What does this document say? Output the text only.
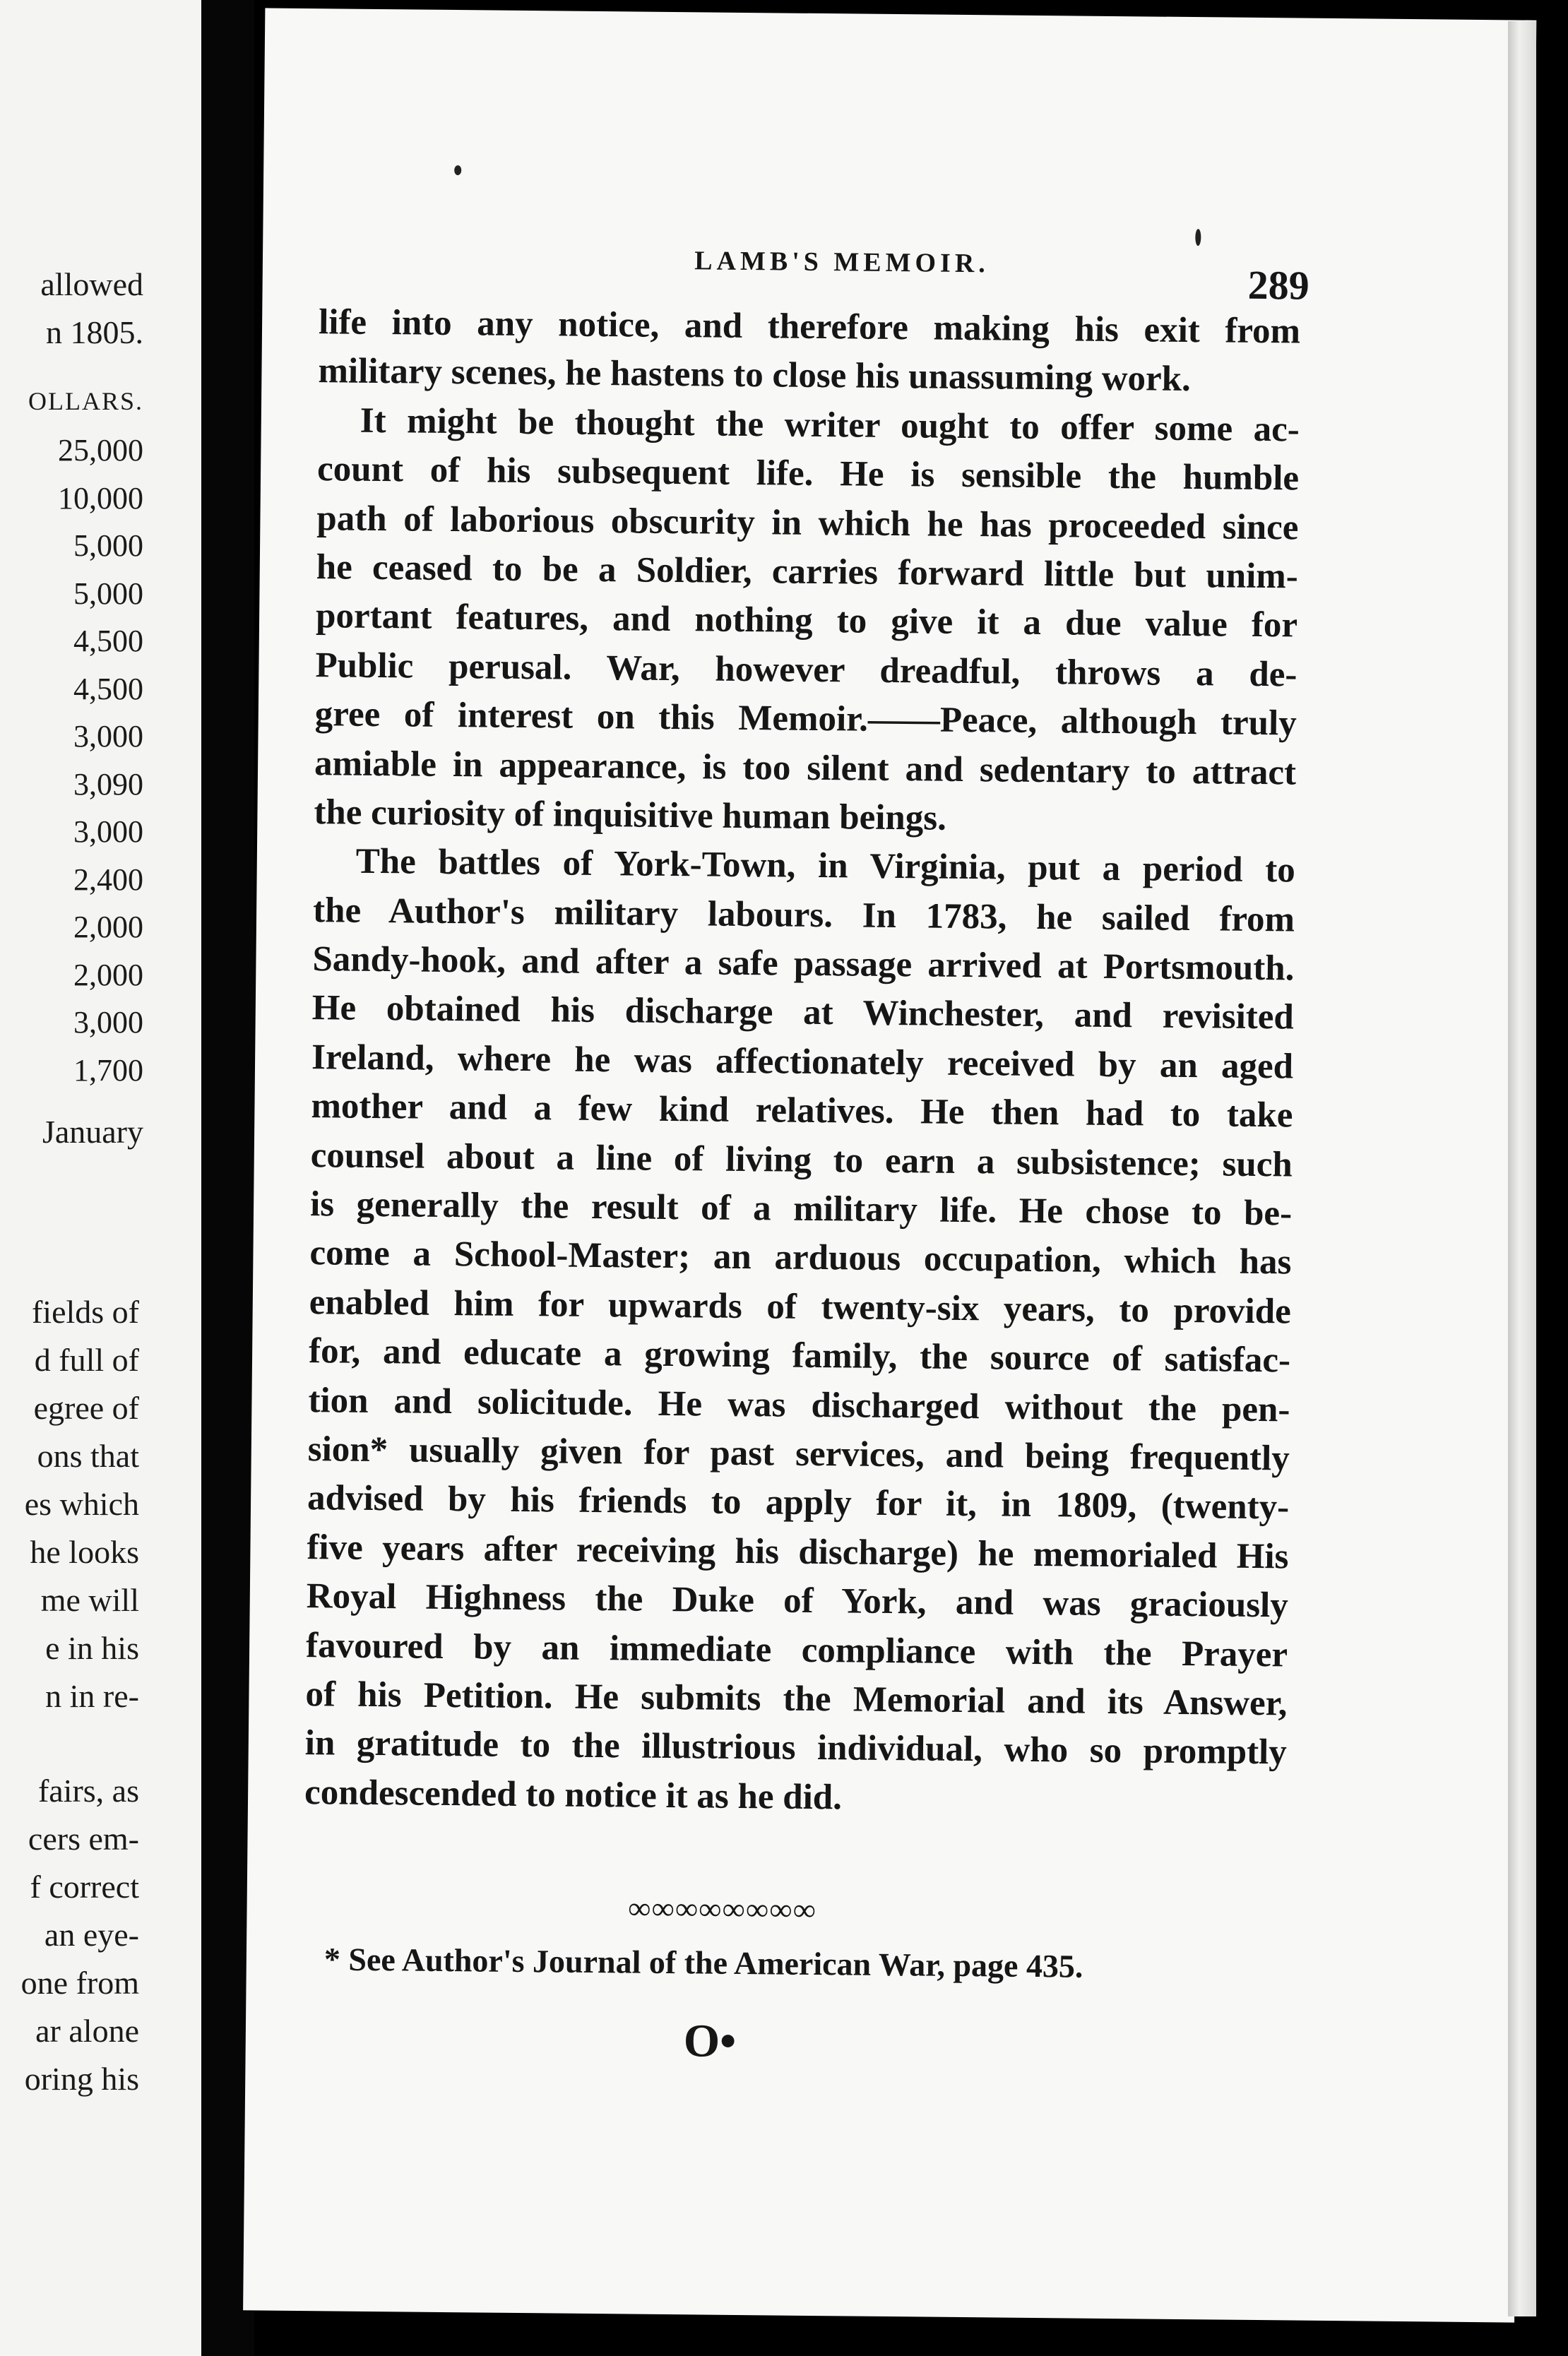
allowed
n 1805.
OLLARS.
25,000
10,000
5,000
5,000
4,500
4,500
3,000
3,090
3,000
2,400
2,000
2,000
3,000
1,700
January
fields of
d full of
egree of
ons that
es which
he looks
me will
e in his
n in re-
fairs, as
cers em-
f correct
an eye-
one from
ar alone
oring his
LAMB'S MEMOIR.	289
life into any notice, and therefore making his exit from
military scenes, he hastens to close his unassuming work.
It might be thought the writer ought to offer some ac-
count of his subsequent life. He is sensible the humble
path of laborious obscurity in which he has proceeded since
he ceased to be a Soldier, carries forward little but unim-
portant features, and nothing to give it a due value for
Public perusal. War, however dreadful, throws a de-
gree of interest on this Memoir.——Peace, although truly
amiable in appearance, is too silent and sedentary to attract
the curiosity of inquisitive human beings.
The battles of York-Town, in Virginia, put a period to
the Author's military labours. In 1783, he sailed from
Sandy-hook, and after a safe passage arrived at Portsmouth.
He obtained his discharge at Winchester, and revisited
Ireland, where he was affectionately received by an aged
mother and a few kind relatives. He then had to take
counsel about a line of living to earn a subsistence; such
is generally the result of a military life. He chose to be-
come a School-Master; an arduous occupation, which has
enabled him for upwards of twenty-six years, to provide
for, and educate a growing family, the source of satisfac-
tion and solicitude. He was discharged without the pen-
sion* usually given for past services, and being frequently
advised by his friends to apply for it, in 1809, (twenty-
five years after receiving his discharge) he memorialed His
Royal Highness the Duke of York, and was graciously
favoured by an immediate compliance with the Prayer
of his Petition. He submits the Memorial and its Answer,
in gratitude to the illustrious individual, who so promptly
condescended to notice it as he did.
∞∞∞∞∞∞∞∞
* See Author's Journal of the American War, page 435.
O•
